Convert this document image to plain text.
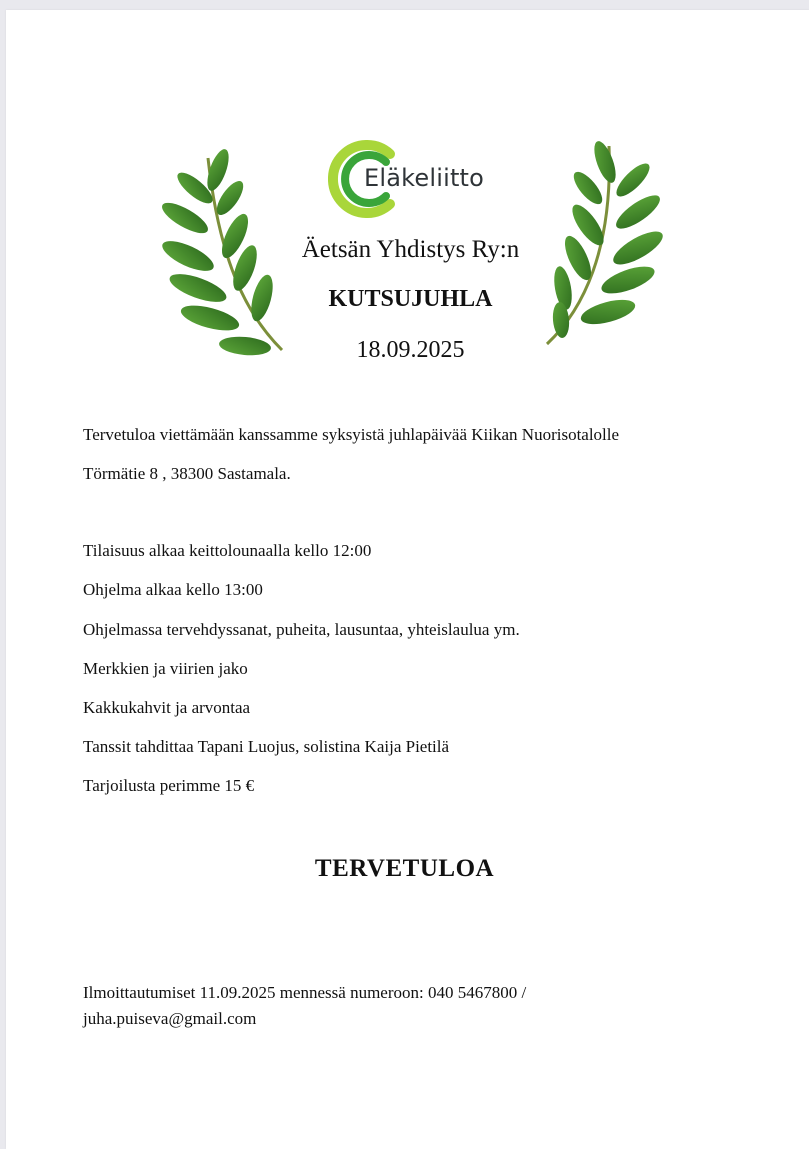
Eläkeliitto
Äetsän Yhdistys Ry:n
KUTSUJUHLA
18.09.2025
Tervetuloa viettämään kanssamme syksyistä juhlapäivää Kiikan Nuorisotalolle
Törmätie 8 , 38300 Sastamala.
Tilaisuus alkaa keittolounaalla kello 12:00
Ohjelma alkaa kello 13:00
Ohjelmassa tervehdyssanat, puheita, lausuntaa, yhteislaulua ym.
Merkkien ja viirien jako
Kakkukahvit ja arvontaa
Tanssit tahdittaa Tapani Luojus, solistina Kaija Pietilä
Tarjoilusta perimme 15 €
TERVETULOA
Ilmoittautumiset 11.09.2025 mennessä numeroon: 040 5467800 /
juha.puiseva@gmail.com
